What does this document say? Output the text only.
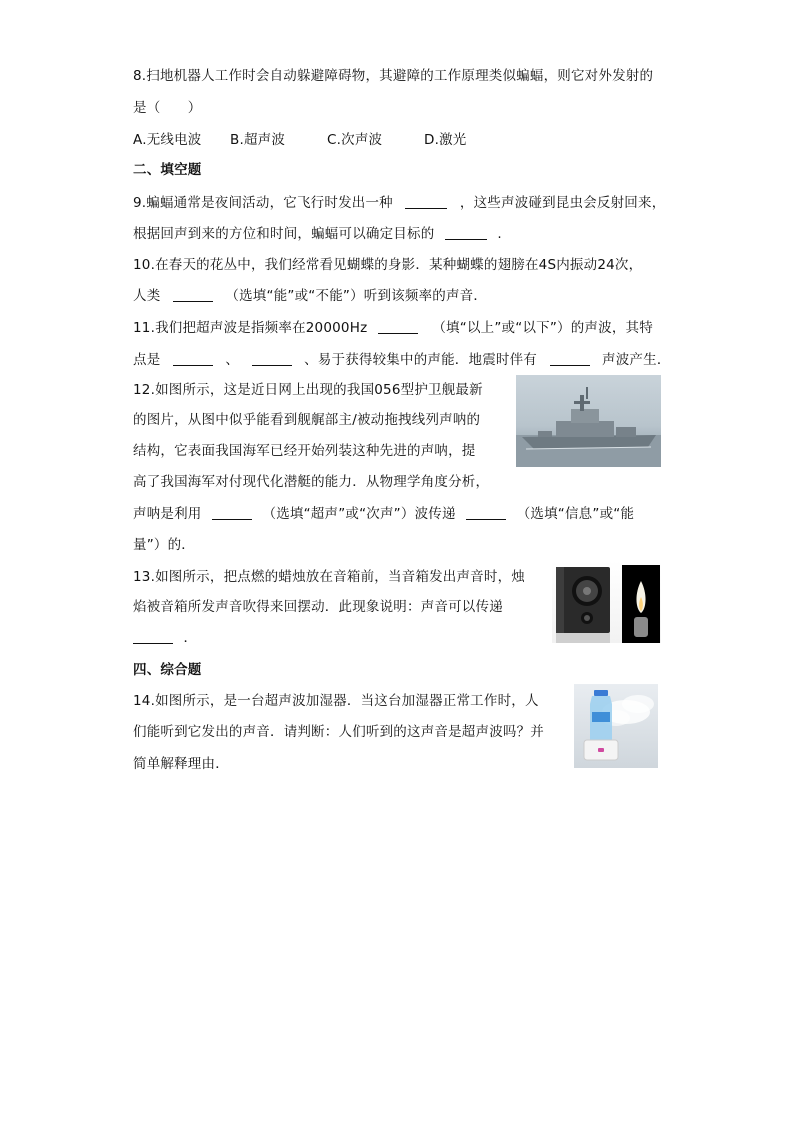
8.扫地机器人工作时会自动躲避障碍物，其避障的工作原理类似蝙蝠，则它对外发射的
是（　　）
A.无线电波 B.超声波	C.次声波	D.激光
二、填空题
9.蝙蝠通常是夜间活动，它飞行时发出一种	，这些声波碰到昆虫会反射回来，
根据回声到来的方位和时间，蝙蝠可以确定目标的	.
10.在春天的花丛中，我们经常看见蝴蝶的身影．某种蝴蝶的翅膀在4S内振动24次，
人类	（选填“能”或“不能”）听到该频率的声音．
11.我们把超声波是指频率在20000Hz	（填“以上”或“以下”）的声波，其特
点是	、	、易于获得较集中的声能．地震时伴有	声波产生．
12.如图所示，这是近日网上出现的我国056型护卫舰最新
的图片，从图中似乎能看到舰艉部主/被动拖拽线列声呐的
结构，它表面我国海军已经开始列装这种先进的声呐，提
高了我国海军对付现代化潜艇的能力．从物理学角度分析，
声呐是利用	（选填“超声”或“次声”）波传递	（选填“信息”或“能
量”）的．
13.如图所示，把点燃的蜡烛放在音箱前，当音箱发出声音时，烛
焰被音箱所发声音吹得来回摆动．此现象说明：声音可以传递
．
四、综合题
14.如图所示，是一台超声波加湿器．当这台加湿器正常工作时，人
们能听到它发出的声音．请判断：人们听到的这声音是超声波吗？并
简单解释理由．
